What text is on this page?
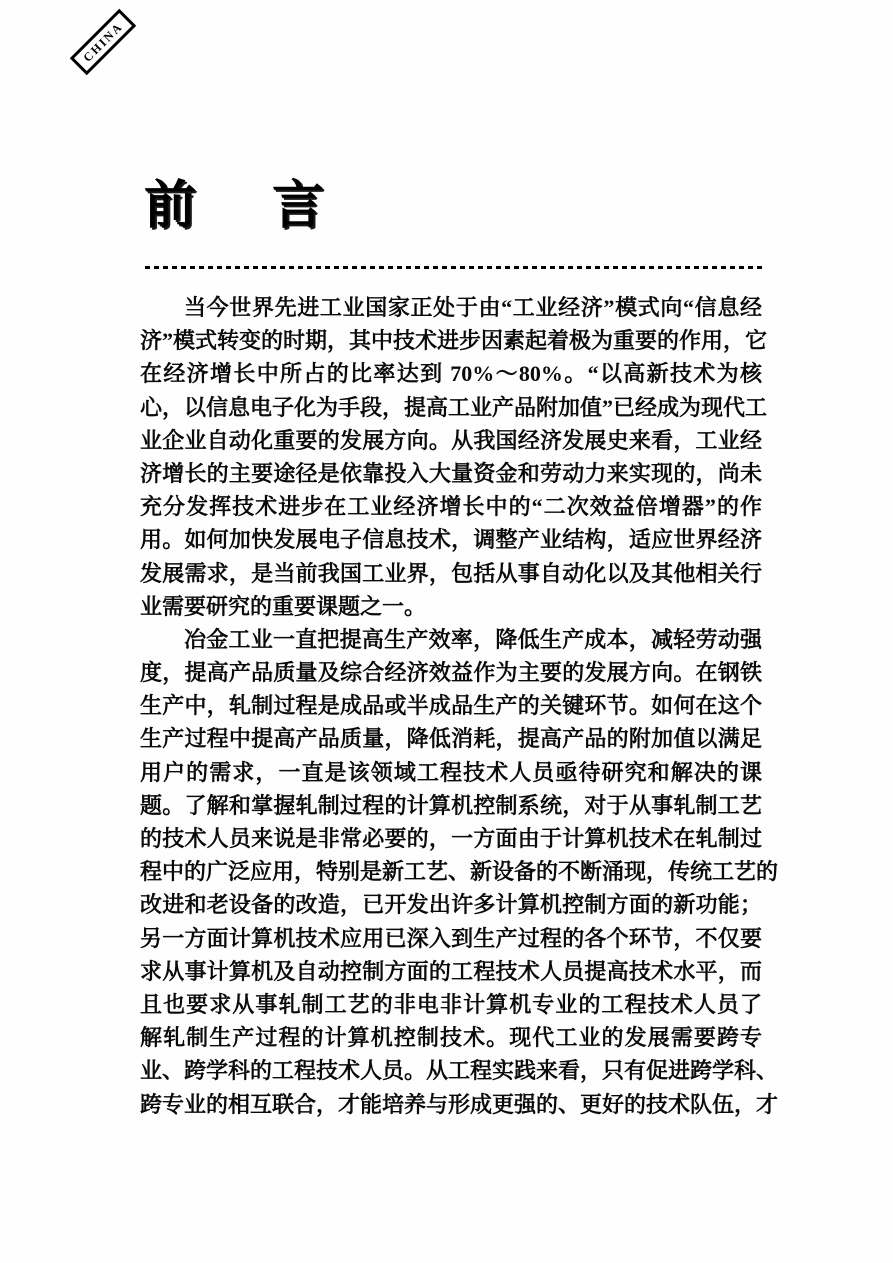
CHINA
前 言
当今世界先进工业国家正处于由“工业经济”模式向“信息经
济”模式转变的时期，其中技术进步因素起着极为重要的作用，它
在经济增长中所占的比率达到 70%～80%。“以高新技术为核
心，以信息电子化为手段，提高工业产品附加值”已经成为现代工
业企业自动化重要的发展方向。从我国经济发展史来看，工业经
济增长的主要途径是依靠投入大量资金和劳动力来实现的，尚未
充分发挥技术进步在工业经济增长中的“二次效益倍增器”的作
用。如何加快发展电子信息技术，调整产业结构，适应世界经济
发展需求，是当前我国工业界，包括从事自动化以及其他相关行
业需要研究的重要课题之一。
冶金工业一直把提高生产效率，降低生产成本，减轻劳动强
度，提高产品质量及综合经济效益作为主要的发展方向。在钢铁
生产中，轧制过程是成品或半成品生产的关键环节。如何在这个
生产过程中提高产品质量，降低消耗，提高产品的附加值以满足
用户的需求，一直是该领域工程技术人员亟待研究和解决的课
题。了解和掌握轧制过程的计算机控制系统，对于从事轧制工艺
的技术人员来说是非常必要的，一方面由于计算机技术在轧制过
程中的广泛应用，特别是新工艺、新设备的不断涌现，传统工艺的
改进和老设备的改造，已开发出许多计算机控制方面的新功能；
另一方面计算机技术应用已深入到生产过程的各个环节，不仅要
求从事计算机及自动控制方面的工程技术人员提高技术水平，而
且也要求从事轧制工艺的非电非计算机专业的工程技术人员了
解轧制生产过程的计算机控制技术。现代工业的发展需要跨专
业、跨学科的工程技术人员。从工程实践来看，只有促进跨学科、
跨专业的相互联合，才能培养与形成更强的、更好的技术队伍，才
